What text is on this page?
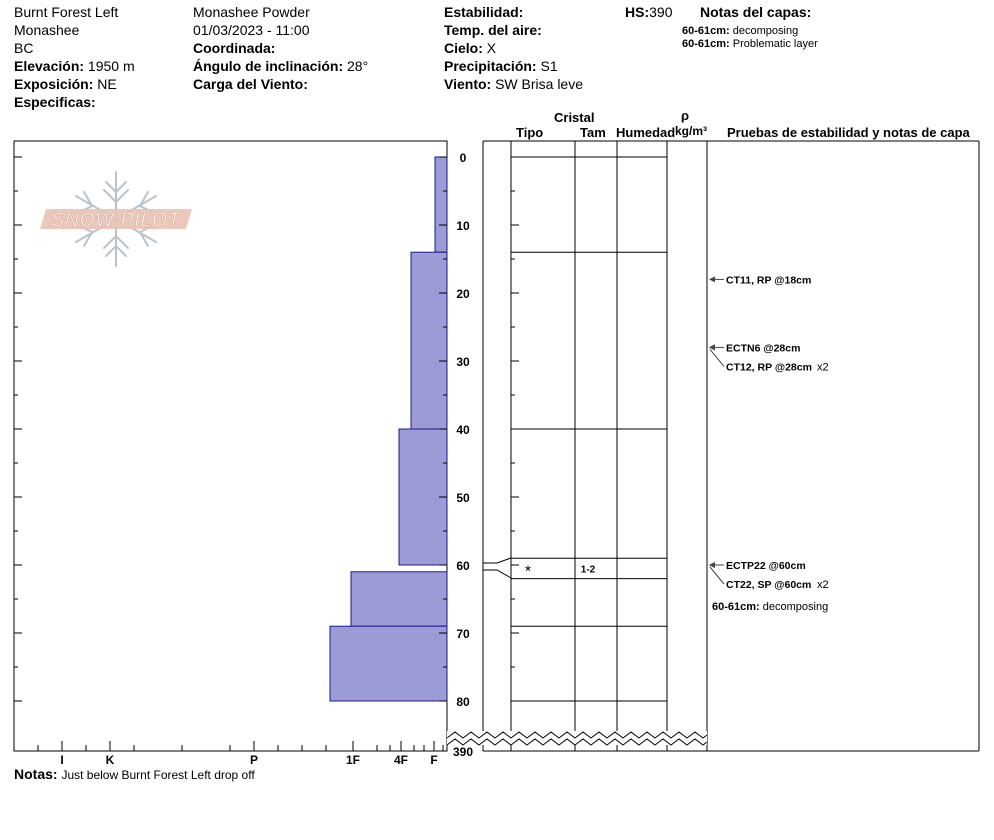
Burnt Forest Left
Monashee
BC
Elevación: 1950 m
Exposición: NE
Especificas:
Monashee Powder
01/03/2023 - 11:00
Coordinada:
Ángulo de inclinación: 28°
Carga del Viento:
Estabilidad:
Temp. del aire:
Cielo: X
Precipitación: S1
Viento: SW Brisa leve
HS:390 Notas del capas:
60-61cm: decomposing
60-61cm: Problematic layer
Cristal
Tipo	Tam Humedad
ρ
kg/m³ Pruebas de estabilidad y notas de capa
SNOW PILOT
I	K	P	1F	4F F
0
10
20
30
40
50
60
70
80
390
*	1-2
CT11, RP @18cm
ECTN6 @28cm
CT12, RP @28cm x2
ECTP22 @60cm
CT22, SP @60cm x2
60-61cm: decomposing
Notas: Just below Burnt Forest Left drop off
